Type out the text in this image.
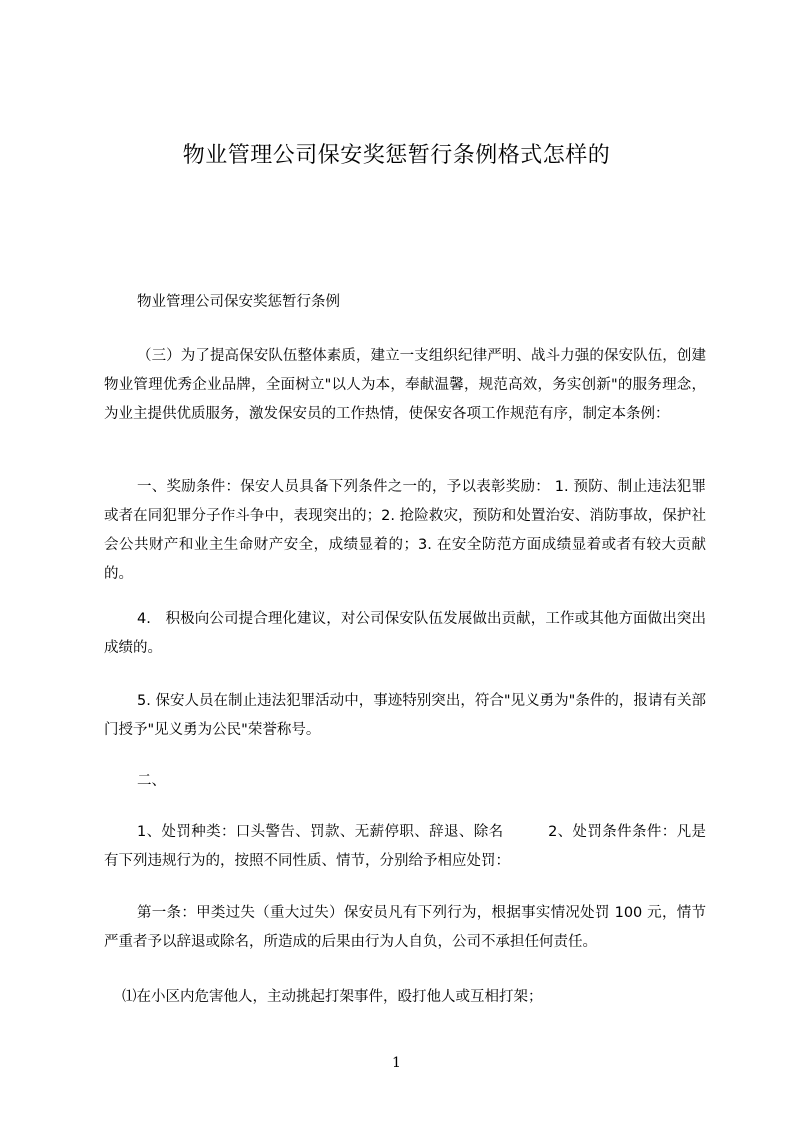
物业管理公司保安奖惩暂行条例格式怎样的
物业管理公司保安奖惩暂行条例
（三）为了提高保安队伍整体素质，建立一支组织纪律严明、战斗力强的保安队伍，创建物业管理优秀企业品牌，全面树立"以人为本，奉献温馨，规范高效，务实创新"的服务理念，为业主提供优质服务，激发保安员的工作热情，使保安各项工作规范有序，制定本条例：
一、奖励条件：保安人员具备下列条件之一的，予以表彰奖励： 1. 预防、制止违法犯罪或者在同犯罪分子作斗争中，表现突出的；2. 抢险救灾，预防和处置治安、消防事故，保护社会公共财产和业主生命财产安全，成绩显着的；3. 在安全防范方面成绩显着或者有较大贡献的。
4.　积极向公司提合理化建议，对公司保安队伍发展做出贡献，工作或其他方面做出突出成绩的。
5. 保安人员在制止违法犯罪活动中，事迹特别突出，符合"见义勇为"条件的，报请有关部门授予"见义勇为公民"荣誉称号。
二、
1、处罚种类：口头警告、罚款、无薪停职、辞退、除名　　　2、处罚条件条件：凡是有下列违规行为的，按照不同性质、情节，分别给予相应处罚：
第一条：甲类过失（重大过失）保安员凡有下列行为，根据事实情况处罚 100 元，情节严重者予以辞退或除名，所造成的后果由行为人自负，公司不承担任何责任。
⑴在小区内危害他人，主动挑起打架事件，殴打他人或互相打架；
1
